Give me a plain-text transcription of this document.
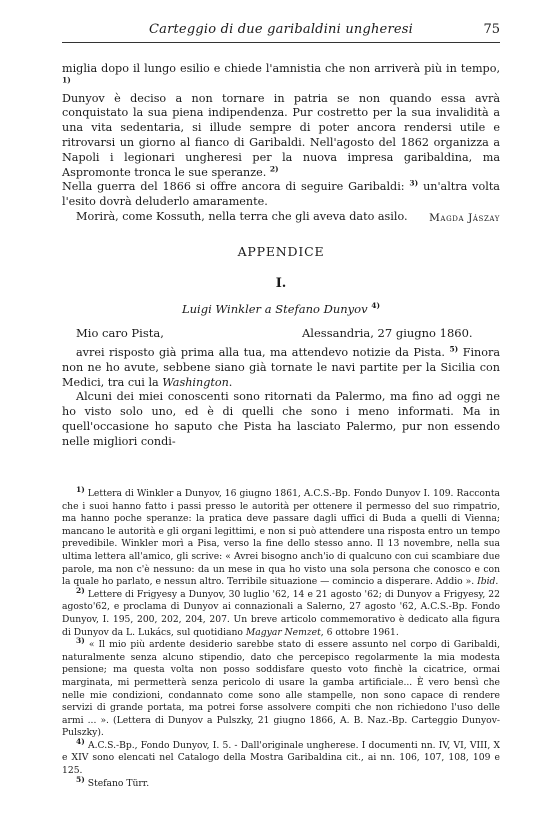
Carteggio di due garibaldini ungheresi	75

miglia dopo il lungo esilio e chiede l'amnistia che non arriverà più in tempo, $^{1)}$

Dunyov è deciso a non tornare in patria se non quando essa avrà conquistato la sua piena indipendenza. Pur costretto per la sua invalidità a una vita sedentaria, si illude sempre di poter ancora rendersi utile e ritrovarsi un giorno al fianco di Garibaldi. Nell'agosto del 1862 organizza a Napoli i legionari ungheresi per la nuova impresa garibaldina, ma Aspromonte tronca le sue speranze. $^{2)}$

Nella guerra del 1866 si offre ancora di seguire Garibaldi: $^{3)}$ un'altra volta l'esito dovrà deluderlo amaramente.

Morirà, come Kossuth, nella terra che gli aveva dato asilo.	Magda Jászay
APPENDICE
I.
Luigi Winkler a Stefano Dunyov $^{4)}$
Mio caro Pista,	Alessandria, 27 giugno 1860.

avrei risposto già prima alla tua, ma attendevo notizie da Pista. $^{5)}$ Finora non ne ho avute, sebbene siano già tornate le navi partite per la Sicilia con Medici, tra cui la Washington.

Alcuni dei miei conoscenti sono ritornati da Palermo, ma fino ad oggi ne ho visto solo uno, ed è di quelli che sono i meno informati. Ma in quell'occasione ho saputo che Pista ha lasciato Palermo, pur non essendo nelle migliori condi-

$^{1)}$ Lettera di Winkler a Dunyov, 16 giugno 1861, A.C.S.-Bp. Fondo Dunyov I. 109. Racconta che i suoi hanno fatto i passi presso le autorità per ottenere il permesso del suo rimpatrio, ma hanno poche speranze: la pratica deve passare dagli uffici di Buda a quelli di Vienna; mancano le autorità e gli organi legittimi, e non si può attendere una risposta entro un tempo prevedibile. Winkler morì a Pisa, verso la fine dello stesso anno. Il 13 novembre, nella sua ultima lettera all'amico, gli scrive: « Avrei bisogno anch'io di qualcuno con cui scambiare due parole, ma non c'è nessuno: da un mese in qua ho visto una sola persona che conosco e con la quale ho parlato, e nessun altro. Terribile situazione — comincio a disperare. Addio ». Ibid.

$^{2)}$ Lettere di Frigyesy a Dunyov, 30 luglio '62, 14 e 21 agosto '62; di Dunyov a Frigyesy, 22 agosto'62, e proclama di Dunyov ai connazionali a Salerno, 27 agosto '62, A.C.S.-Bp. Fondo Dunyov, I. 195, 200, 202, 204, 207. Un breve articolo commemorativo è dedicato alla figura di Dunyov da L. Lukács, sul quotidiano Magyar Nemzet, 6 ottobre 1961.

$^{3)}$ « Il mio più ardente desiderio sarebbe stato di essere assunto nel corpo di Garibaldi, naturalmente senza alcuno stipendio, dato che percepisco regolarmente la mia modesta pensione; ma questa volta non posso soddisfare questo voto finchè la cicatrice, ormai marginata, mi permetterà senza pericolo di usare la gamba artificiale... È vero bensì che nelle mie condizioni, condannato come sono alle stampelle, non sono capace di rendere servizi di grande portata, ma potrei forse assolvere compiti che non richiedono l'uso delle armi ... ». (Lettera di Dunyov a Pulszky, 21 giugno 1866, A. B. Naz.-Bp. Carteggio Dunyov-Pulszky).

$^{4)}$ A.C.S.-Bp., Fondo Dunyov, I. 5. - Dall'originale ungherese. I documenti nn. IV, VI, VIII, X e XIV sono elencati nel Catalogo della Mostra Garibaldina cit., ai nn. 106, 107, 108, 109 e 125.

$^{5)}$ Stefano Türr.
